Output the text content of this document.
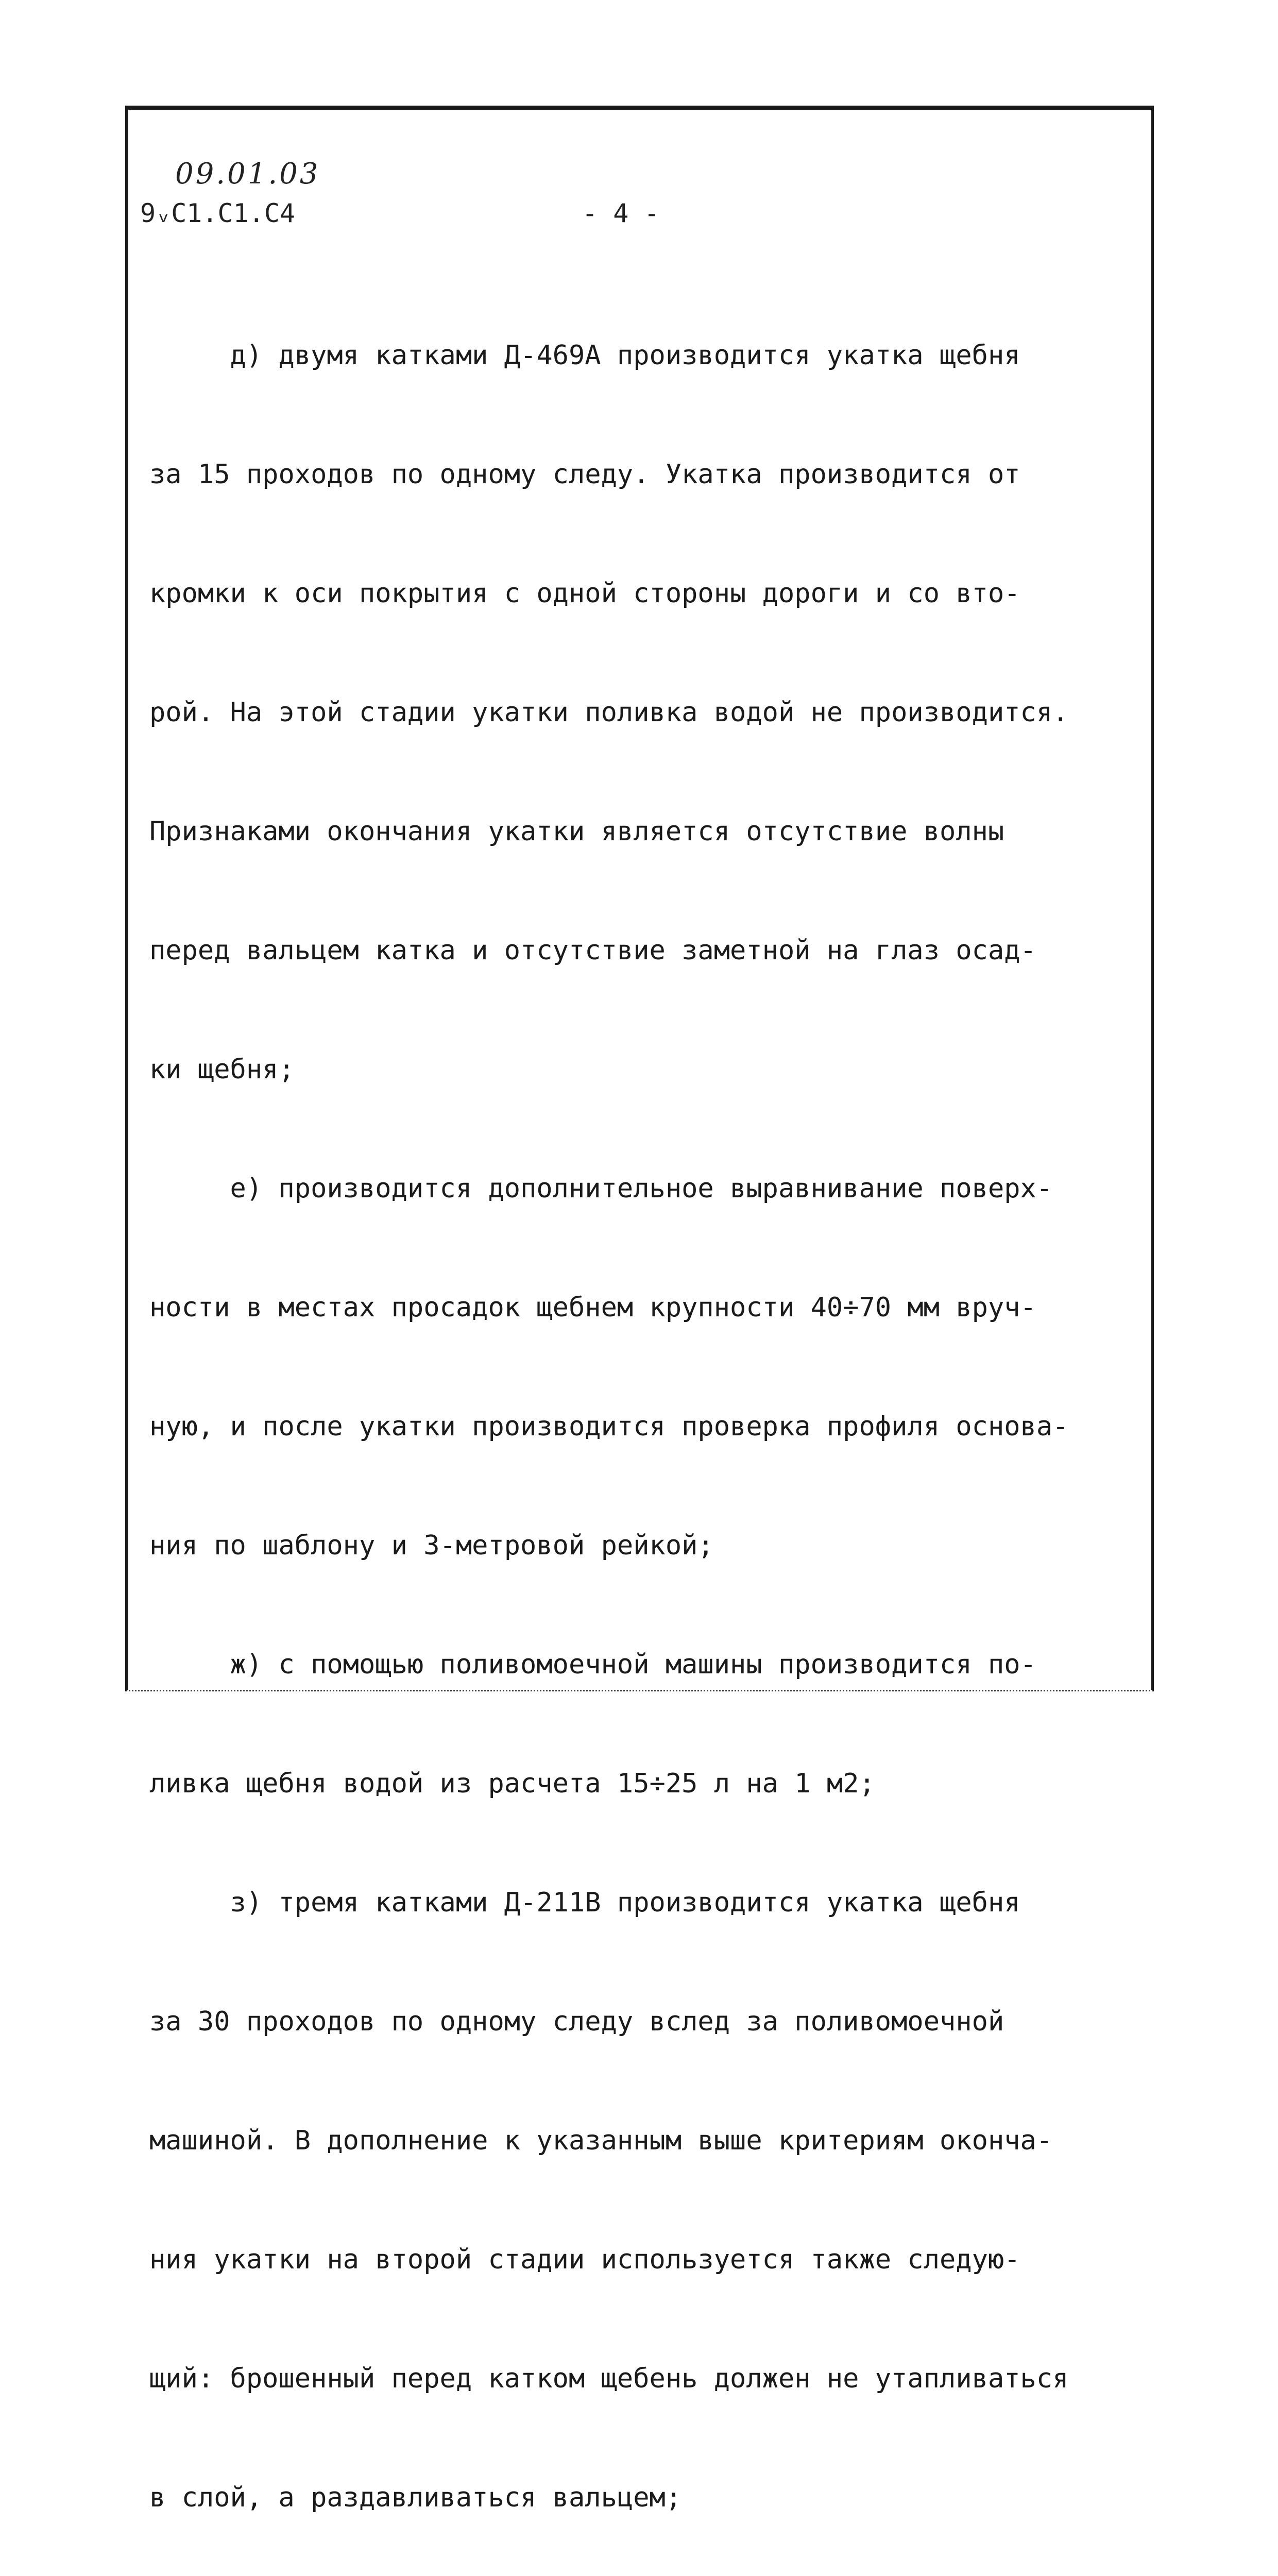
09.01.03
9ᵥC1.C1.C4	- 4 -

д) двумя катками Д-469А производится укатка щебня

за 15 проходов по одному следу. Укатка производится от

кромки к оси покрытия с одной стороны дороги и со вто-

рой. На этой стадии укатки поливка водой не производится.

Признаками окончания укатки является отсутствие волны

перед вальцем катка и отсутствие заметной на глаз осад-

ки щебня;

е) производится дополнительное выравнивание поверх-

ности в местах просадок щебнем крупности 40÷70 мм вруч-

ную, и после укатки производится проверка профиля основа-

ния по шаблону и 3-метровой рейкой;

ж) с помощью поливомоечной машины производится по-

ливка щебня водой из расчета 15÷25 л на 1 м2;

з) тремя катками Д-211В производится укатка щебня

за 30 проходов по одному следу вслед за поливомоечной

машиной. В дополнение к указанным выше критериям оконча-

ния укатки на второй стадии используется также следую-

щий: брошенный перед катком щебень должен не утапливаться

в слой, а раздавливаться вальцем;
